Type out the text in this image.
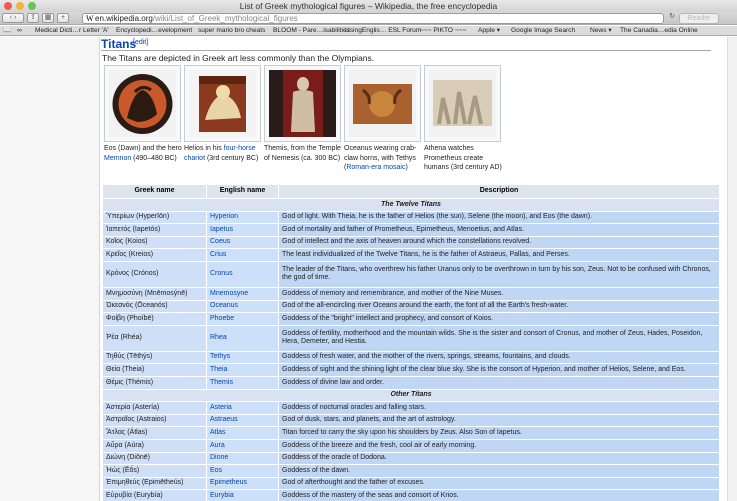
List of Greek mythological figures – Wikipedia, the free encyclopedia
‹ ›	⇪	▦	+	W en.wikipedia.org/wiki/List_of_Greek_mythological_figures	↻	Reader
📖 ∞ Medical Dicti…r Letter 'A' Encyclopedi…evelopment super mario bro cheats BLOOM - Pare…isabilities
UsingEnglis… ESL Forum
~~~ PIKTO ~~~ Apple ▾ Google Image Search News ▾ The Canadia…edia Online
Titans
[edit]
The Titans are depicted in Greek art less commonly than the Olympians.
Eos (Dawn) and the hero Memnon (490–480 BC)
Helios in his four-horse chariot (3rd century BC)
Themis, from the Temple of Nemesis (ca. 300 BC)
Oceanus wearing crab-claw horns, with Tethys (Roman-era mosaic)
Athena watches Prometheus create humans (3rd century AD)
Greek name	English name	Description
The Twelve Titans		
Ὑπερίων (Hyperīōn)	Hyperion	God of light. With Theia, he is the father of Helios (the sun), Selene (the moon), and Eos (the dawn).
Ἰαπετός (Iapetós)	Iapetus	God of mortality and father of Prometheus, Epimetheus, Menoetius, and Atlas.
Κοῖος (Koios)	Coeus	God of intellect and the axis of heaven around which the constellations revolved.
Κρεῖος (Kreios)	Crius	The least individualized of the Twelve Titans, he is the father of Astraeus, Pallas, and Perses.
Κρόνος (Crónos)	Cronus	The leader of the Titans, who overthrew his father Uranus only to be overthrown in turn by his son, Zeus. Not to be confused with Chronos, the god of time.
Μνημοσύνη (Mnēmosýnē)	Mnemosyne	Goddess of memory and remembrance, and mother of the Nine Muses.
Ὠκεανός (Ōceanós)	Oceanus	God of the all-encircling river Oceans around the earth, the font of all the Earth's fresh-water.
Φοίβη (Phoíbē)	Phoebe	Goddess of the "bright" intellect and prophecy, and consort of Koios.
Ῥέα (Rhéa)	Rhea	Goddess of fertility, motherhood and the mountain wilds. She is the sister and consort of Cronus, and mother of Zeus, Hades, Poseidon, Hera, Demeter, and Hestia.
Τηθύς (Tēthýs)	Tethys	Goddess of fresh water, and the mother of the rivers, springs, streams, fountains, and clouds.
Θεία (Theia)	Theia	Goddess of sight and the shining light of the clear blue sky. She is the consort of Hyperion, and mother of Helios, Selene, and Eos.
Θέμις (Thémis)	Themis	Goddess of divine law and order.
Other Titans		
Ἀστερία (Astería)	Asteria	Goddess of nocturnal oracles and falling stars.
Ἀστραῖος (Astraios)	Astraeus	God of dusk, stars, and planets, and the art of astrology.
Ἄτλας (Átlas)	Atlas	Titan forced to carry the sky upon his shoulders by Zeus. Also Son of Iapetus.
Αὔρα (Aúra)	Aura	Goddess of the breeze and the fresh, cool air of early morning.
Διώνη (Diṓnē)	Dione	Goddess of the oracle of Dodona.
Ἠώς (Ēṓs)	Eos	Goddess of the dawn.
Ἐπιμηθεύς (Epimētheús)	Epimetheus	God of afterthought and the father of excuses.
Εὐρυβία (Eurybía)	Eurybia	Goddess of the mastery of the seas and consort of Krios.
